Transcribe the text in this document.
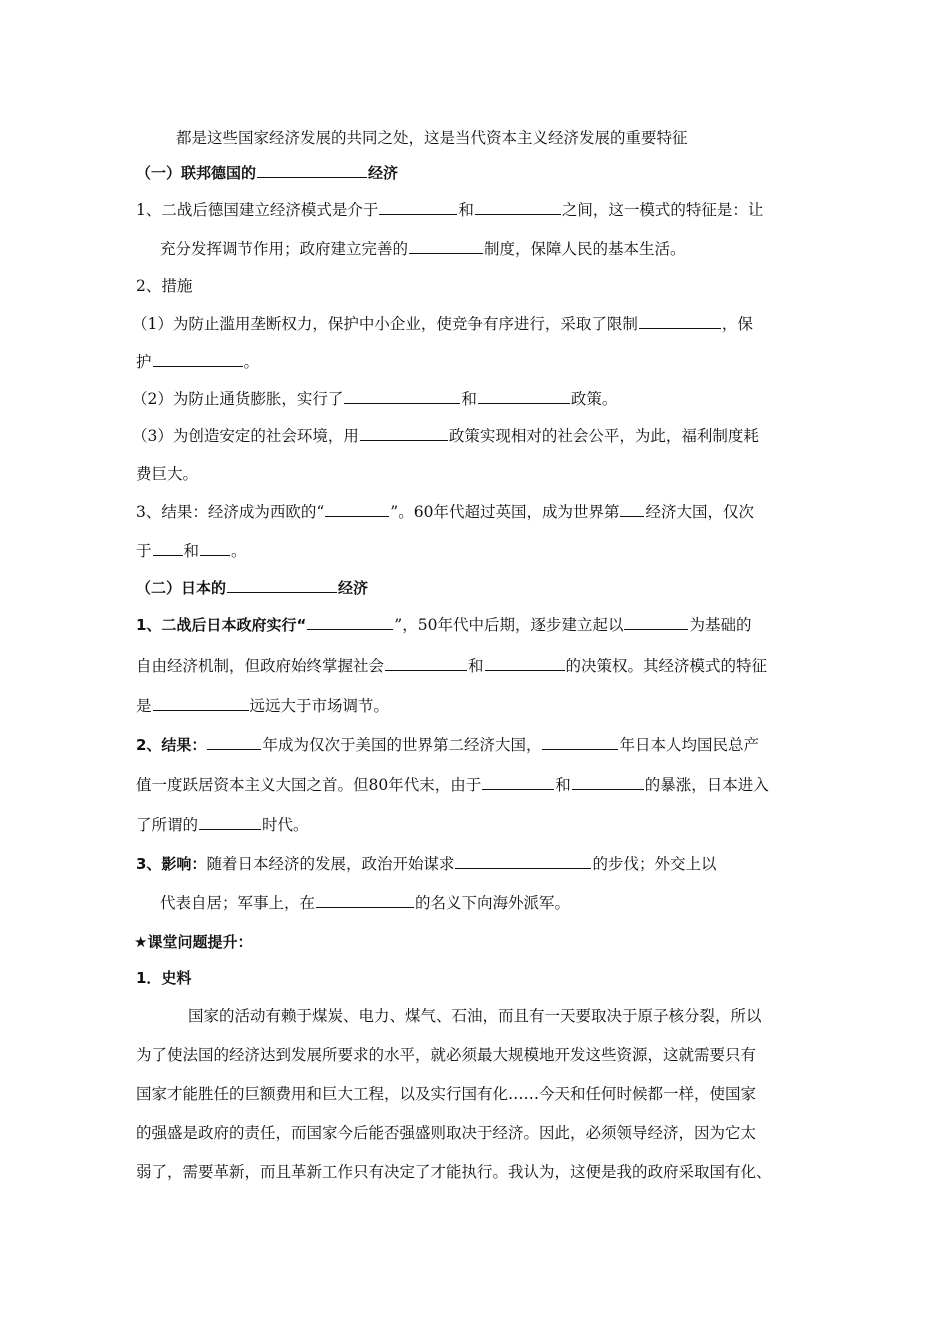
都是这些国家经济发展的共同之处，这是当代资本主义经济发展的重要特征
（一）联邦德国的	经济
1、二战后德国建立经济模式是介于	和	之间，这一模式的特征是：让
充分发挥调节作用；政府建立完善的	制度，保障人民的基本生活。
2、措施
（1）为防止滥用垄断权力，保护中小企业，使竞争有序进行，采取了限制	，保
护	。
（2）为防止通货膨胀，实行了	和	政策。
（3）为创造安定的社会环境，用	政策实现相对的社会公平，为此，福利制度耗
费巨大。
3、结果：经济成为西欧的“	”。60年代超过英国，成为世界第 经济大国，仅次
于 和 。
（二）日本的	经济
1、二战后日本政府实行“	”，50年代中后期，逐步建立起以	为基础的
自由经济机制，但政府始终掌握社会	和	的决策权。其经济模式的特征
是	远远大于市场调节。
2、结果：	年成为仅次于美国的世界第二经济大国，	年日本人均国民总产
值一度跃居资本主义大国之首。但80年代末，由于	和	的暴涨，日本进入
了所谓的	时代。
3、影响：随着日本经济的发展，政治开始谋求	的步伐；外交上以
代表自居；军事上，在	的名义下向海外派军。
★课堂问题提升：
1．史料
国家的活动有赖于煤炭、电力、煤气、石油，而且有一天要取决于原子核分裂，所以
为了使法国的经济达到发展所要求的水平，就必须最大规模地开发这些资源，这就需要只有
国家才能胜任的巨额费用和巨大工程，以及实行国有化……今天和任何时候都一样，使国家
的强盛是政府的责任，而国家今后能否强盛则取决于经济。因此，必须领导经济，因为它太
弱了，需要革新，而且革新工作只有决定了才能执行。我认为，这便是我的政府采取国有化、
